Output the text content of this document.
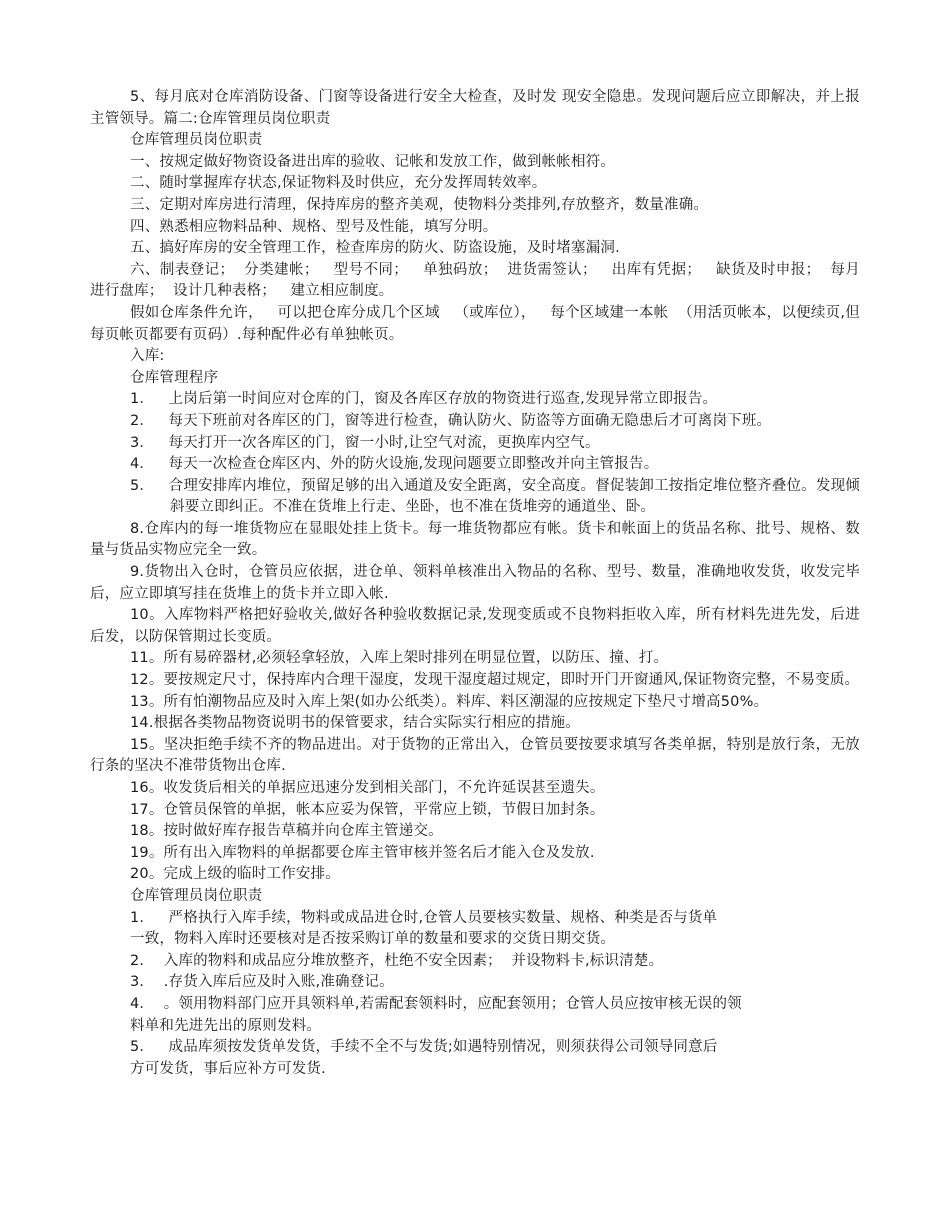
5、每月底对仓库消防设备、门窗等设备进行安全大检查，及时发 现安全隐患。发现问题后应立即解决，并上报主管领导。篇二:仓库管理员岗位职责

仓库管理员岗位职责

一、按规定做好物资设备进出库的验收、记帐和发放工作，做到帐帐相符。

二、随时掌握库存状态,保证物料及时供应，充分发挥周转效率。

三、定期对库房进行清理，保持库房的整齐美观，使物料分类排列,存放整齐，数量准确。

四、熟悉相应物料品种、规格、型号及性能，填写分明。

五、搞好库房的安全管理工作，检查库房的防火、防盗设施，及时堵塞漏洞.

六、制表登记；  分类建帐；   型号不同；   单独码放；  进货需签认；   出库有凭据；   缺货及时申报；  每月进行盘库；  设计几种表格；   建立相应制度。

假如仓库条件允许，   可以把仓库分成几个区域   （或库位），   每个区域建一本帐  （用活页帐本，以便续页,但每页帐页都要有页码）.每种配件必有单独帐页。

入库:

仓库管理程序

1．   上岗后第一时间应对仓库的门，窗及各库区存放的物资进行巡查,发现异常立即报告。

2．   每天下班前对各库区的门，窗等进行检查，确认防火、防盗等方面确无隐患后才可离岗下班。

3．   每天打开一次各库区的门，窗一小时,让空气对流，更换库内空气。

4．   每天一次检查仓库区内、外的防火设施,发现问题要立即整改并向主管报告。

5．   合理安排库内堆位，预留足够的出入通道及安全距离，安全高度。督促装卸工按指定堆位整齐叠位。发现倾斜要立即纠正。不准在货堆上行走、坐卧，也不准在货堆旁的通道坐、卧。

8.仓库内的每一堆货物应在显眼处挂上货卡。每一堆货物都应有帐。货卡和帐面上的货品名称、批号、规格、数量与货品实物应完全一致。

9.货物出入仓时，仓管员应依据，进仓单、领料单核准出入物品的名称、型号、数量，准确地收发货，收发完毕后，应立即填写挂在货堆上的货卡并立即入帐.

10。入库物料严格把好验收关,做好各种验收数据记录,发现变质或不良物料拒收入库，所有材料先进先发，后进后发，以防保管期过长变质。

11。所有易碎器材,必须轻拿轻放，入库上架时排列在明显位置，以防压、撞、打。

12。要按规定尺寸，保持库内合理干湿度，发现干湿度超过规定，即时开门开窗通风,保证物资完整，不易变质。

13。所有怕潮物品应及时入库上架(如办公纸类）。料库、料区潮湿的应按规定下垫尺寸增高50%。

14.根据各类物品物资说明书的保管要求，结合实际实行相应的措施。

15。坚决拒绝手续不齐的物品进出。对于货物的正常出入，仓管员要按要求填写各类单据，特别是放行条，无放行条的坚决不准带货物出仓库.

16。收发货后相关的单据应迅速分发到相关部门，不允许延误甚至遗失。

17。仓管员保管的单据，帐本应妥为保管，平常应上锁，节假日加封条。

18。按时做好库存报告草稿并向仓库主管递交。

19。所有出入库物料的单据都要仓库主管审核并签名后才能入仓及发放.

20。完成上级的临时工作安排。

仓库管理员岗位职责

1．   严格执行入库手续，物料或成品进仓时,仓管人员要核实数量、规格、种类是否与货单

一致，物料入库时还要核对是否按采购订单的数量和要求的交货日期交货。

2．  入库的物料和成品应分堆放整齐，杜绝不安全因素；  并设物料卡,标识清楚。

3．  .存货入库后应及时入账,准确登记。

4．  。领用物料部门应开具领料单,若需配套领料时，应配套领用；仓管人员应按审核无误的领

料单和先进先出的原则发料。

5．   成品库须按发货单发货，手续不全不与发货;如遇特别情况，则须获得公司领导同意后

方可发货，事后应补方可发货.
